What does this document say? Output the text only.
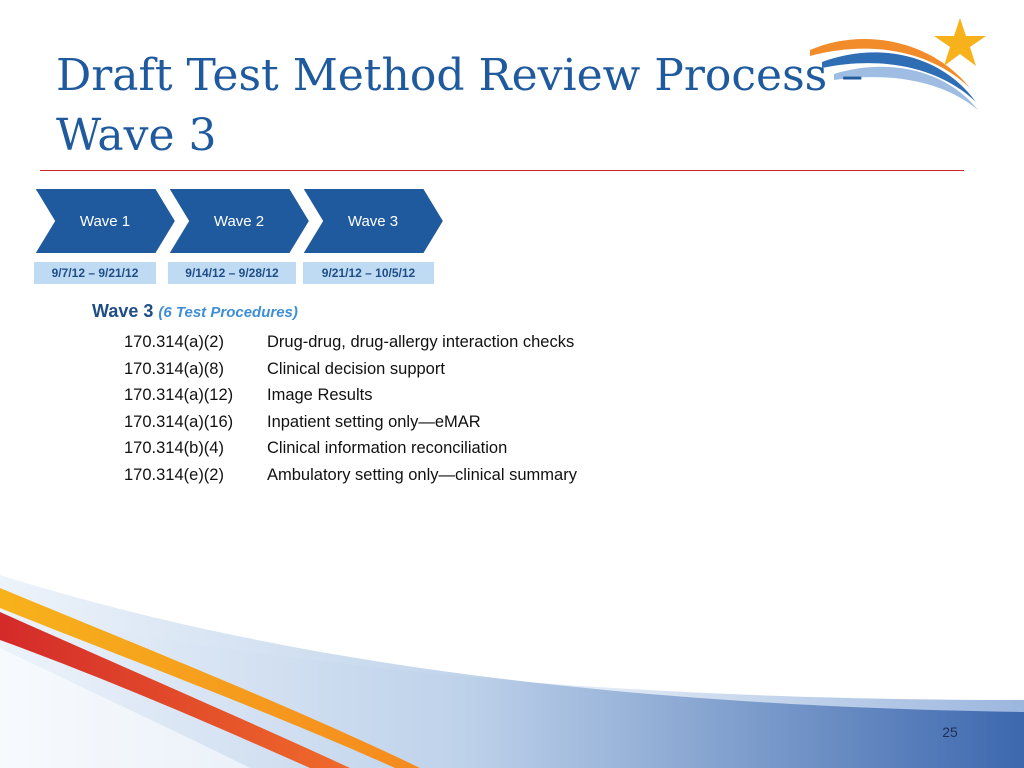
Draft Test Method Review Process – Wave 3
Wave 1	Wave 2	Wave 3
9/7/12 – 9/21/12	9/14/12 – 9/28/12	9/21/12 – 10/5/12
Wave 3 (6 Test Procedures)
170.314(a)(2)	Drug-drug, drug-allergy interaction checks
170.314(a)(8)	Clinical decision support
170.314(a)(12) Image Results
170.314(a)(16) Inpatient setting only—eMAR
170.314(b)(4)	Clinical information reconciliation
170.314(e)(2)	Ambulatory setting only—clinical summary
25
